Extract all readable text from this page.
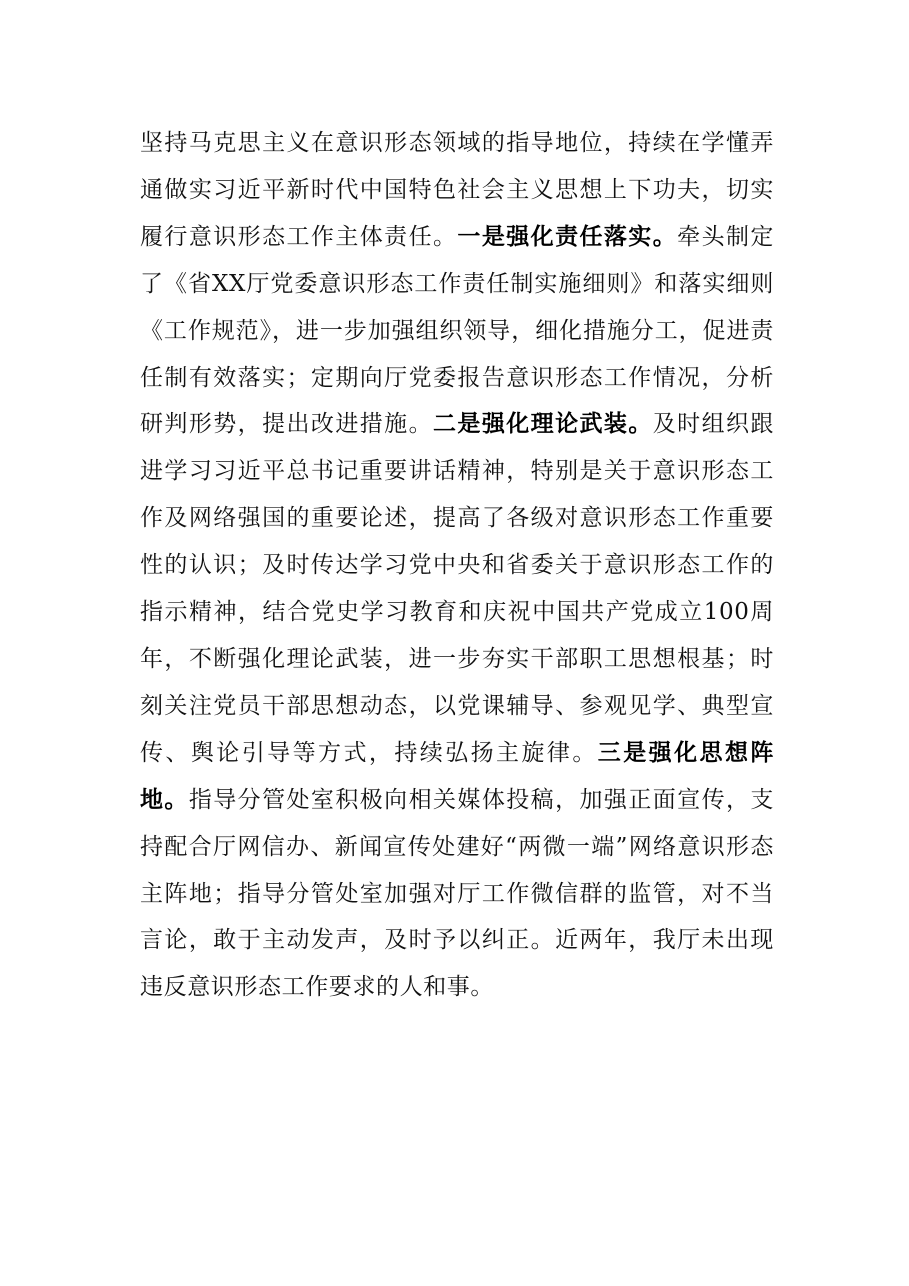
坚持马克思主义在意识形态领域的指导地位，持续在学懂弄通做实习近平新时代中国特色社会主义思想上下功夫，切实履行意识形态工作主体责任。一是强化责任落实。牵头制定了《省XX厅党委意识形态工作责任制实施细则》和落实细则《工作规范》，进一步加强组织领导，细化措施分工，促进责任制有效落实；定期向厅党委报告意识形态工作情况，分析研判形势，提出改进措施。二是强化理论武装。及时组织跟进学习习近平总书记重要讲话精神，特别是关于意识形态工作及网络强国的重要论述，提高了各级对意识形态工作重要性的认识；及时传达学习党中央和省委关于意识形态工作的指示精神，结合党史学习教育和庆祝中国共产党成立100周年，不断强化理论武装，进一步夯实干部职工思想根基；时刻关注党员干部思想动态，以党课辅导、参观见学、典型宣传、舆论引导等方式，持续弘扬主旋律。三是强化思想阵地。指导分管处室积极向相关媒体投稿，加强正面宣传，支持配合厅网信办、新闻宣传处建好“两微一端”网络意识形态主阵地；指导分管处室加强对厅工作微信群的监管，对不当言论，敢于主动发声，及时予以纠正。近两年，我厅未出现违反意识形态工作要求的人和事。
